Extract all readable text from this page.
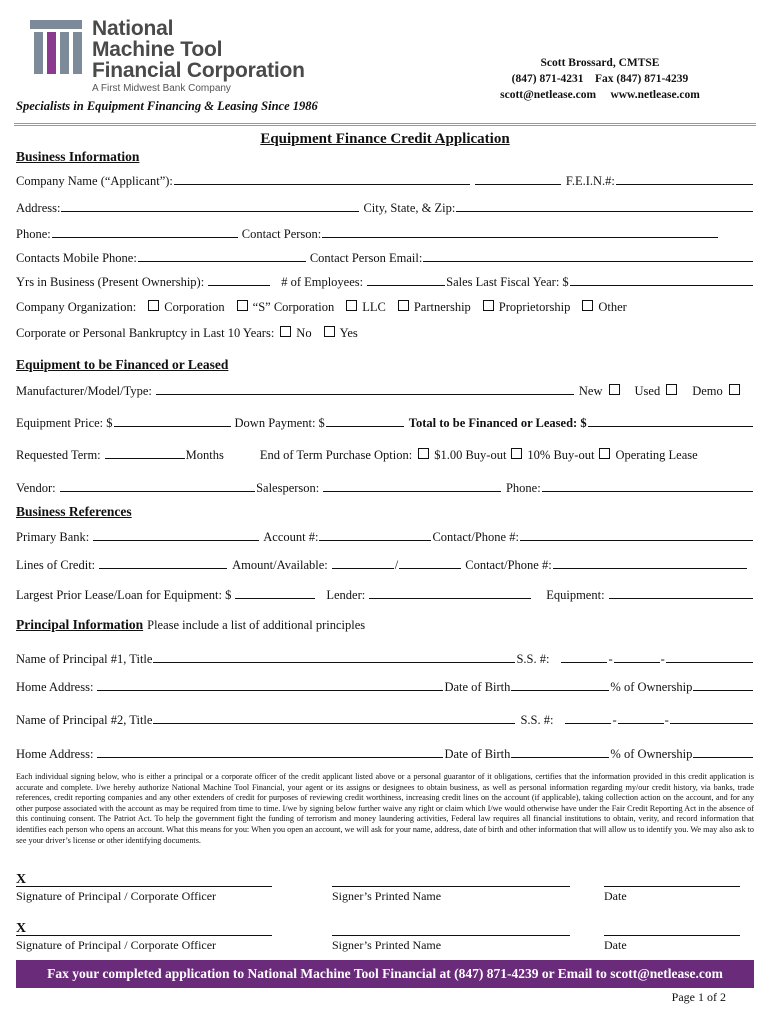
National
Machine Tool
Financial Corporation
A First Midwest Bank Company
Specialists in Equipment Financing & Leasing Since 1986
Scott Brossard, CMTSE
(847) 871-4231    Fax (847) 871-4239
scott@netlease.com     www.netlease.com
Equipment Finance Credit Application
Business Information
Company Name (“Applicant”):	F.E.I.N.#:
Address:	City, State, & Zip:
Phone:	Contact Person:
Contacts Mobile Phone:	Contact Person Email:
Yrs in Business (Present Ownership):	# of Employees:	Sales Last Fiscal Year: $
Company Organization: Corporation “S” Corporation LLC Partnership Proprietorship Other
Corporate or Personal Bankruptcy in Last 10 Years: No Yes
Equipment to be Financed or Leased
Manufacturer/Model/Type:	New	Used	Demo
Equipment Price: $	Down Payment: $	Total to be Financed or Leased: $
Requested Term:	Months	End of Term Purchase Option: $1.00 Buy-out 10% Buy-out Operating Lease
Vendor:	Salesperson:	Phone:
Business References
Primary Bank:	Account #:	Contact/Phone #:
Lines of Credit:	Amount/Available:	/	Contact/Phone #:
Largest Prior Lease/Loan for Equipment: $	Lender:	Equipment:
Principal Information Please include a list of additional principles
Name of Principal #1, Title	S.S. #:	-	-
Home Address:	Date of Birth	% of Ownership
Name of Principal #2, Title	S.S. #:	-	-
Home Address:	Date of Birth	% of Ownership
Each individual signing below, who is either a principal or a corporate officer of the credit applicant listed above or a personal guarantor of it obligations, certifies that the information provided in this credit application is accurate and complete. I/we hereby authorize National Machine Tool Financial, your agent or its assigns or designees to obtain business, as well as personal information regarding my/our credit history, via banks, trade references, credit reporting companies and any other extenders of credit for purposes of reviewing credit worthiness, increasing credit lines on the account (if applicable), taking collection action on the account, and for any other purpose associated with the account as may be required from time to time. I/we by signing below further waive any right or claim which I/we would otherwise have under the Fair Credit Reporting Act in the absence of this continuing consent. The Patriot Act. To help the government fight the funding of terrorism and money laundering activities, Federal law requires all financial institutions to obtain, verity, and record information that identifies each person who opens an account. What this means for you: When you open an account, we will ask for your name, address, date of birth and other information that will allow us to identify you. We may also ask to see your driver’s license or other identifying documents.
X
Signature of Principal / Corporate Officer	Signer’s Printed Name	Date
X
Signature of Principal / Corporate Officer	Signer’s Printed Name	Date
Fax your completed application to National Machine Tool Financial at (847) 871-4239 or Email to scott@netlease.com
Page 1 of 2
